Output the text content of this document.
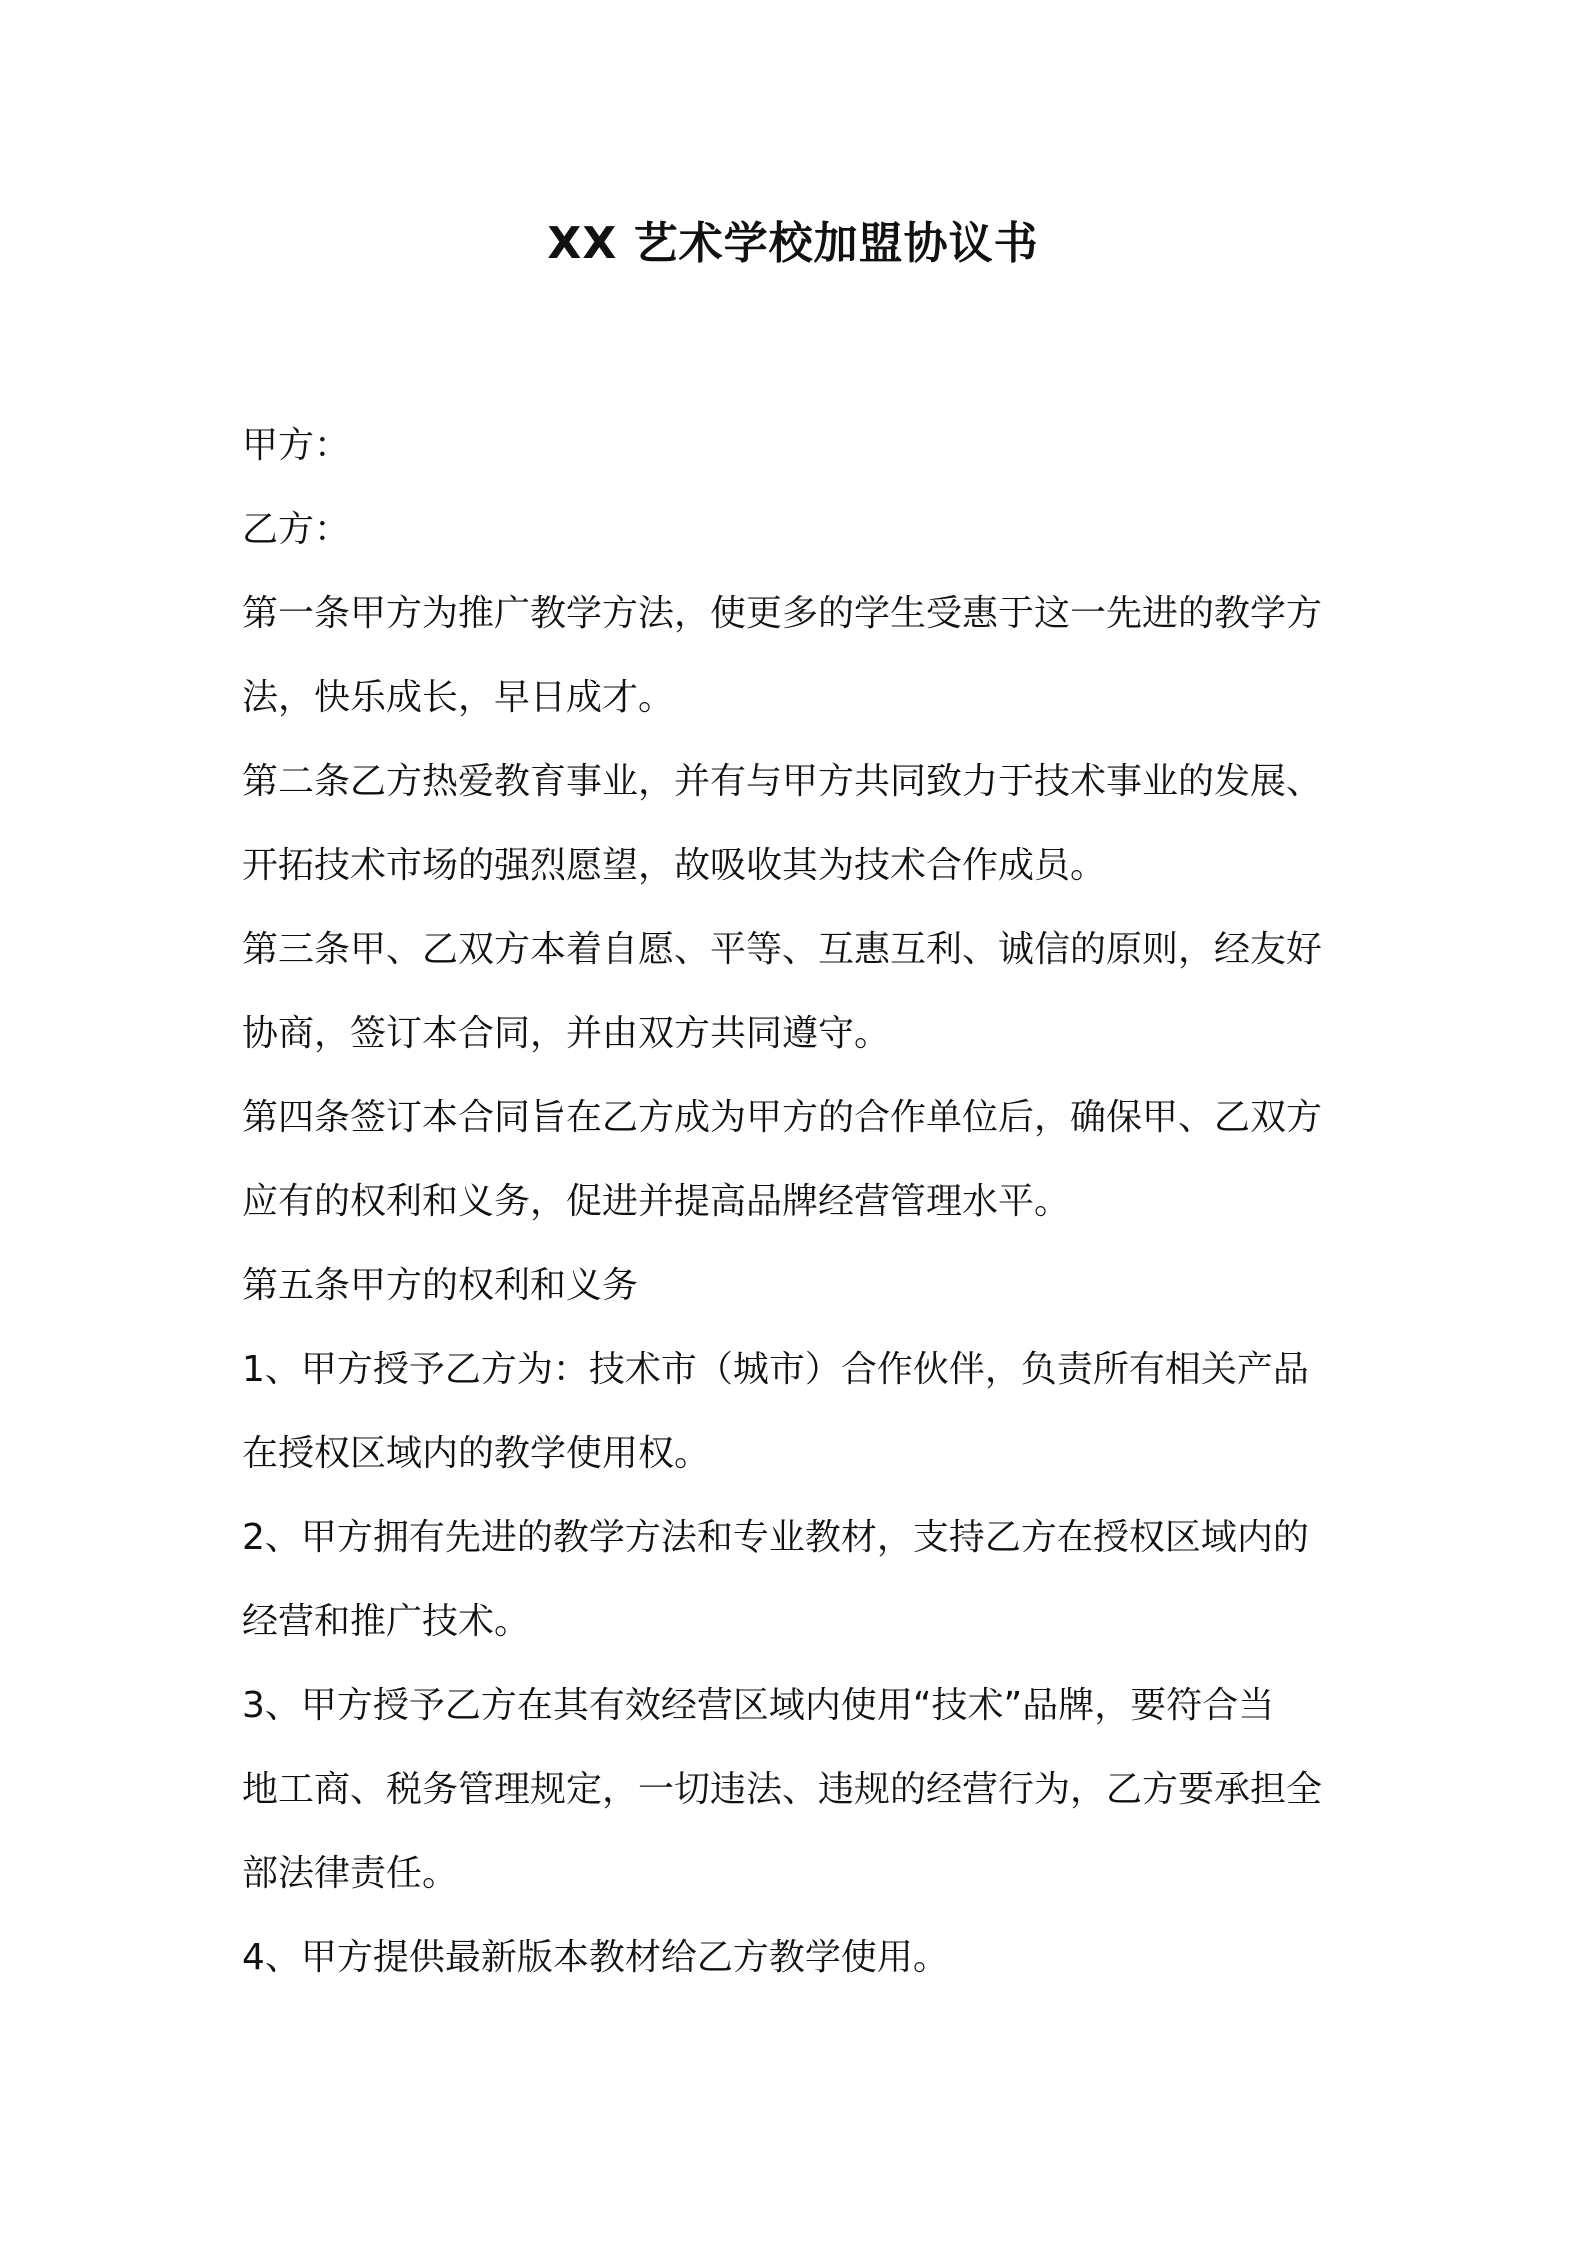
XX 艺术学校加盟协议书
甲方：
乙方：
第一条甲方为推广教学方法，使更多的学生受惠于这一先进的教学方
法，快乐成长，早日成才。
第二条乙方热爱教育事业，并有与甲方共同致力于技术事业的发展、
开拓技术市场的强烈愿望，故吸收其为技术合作成员。
第三条甲、乙双方本着自愿、平等、互惠互利、诚信的原则，经友好
协商，签订本合同，并由双方共同遵守。
第四条签订本合同旨在乙方成为甲方的合作单位后，确保甲、乙双方
应有的权利和义务，促进并提高品牌经营管理水平。
第五条甲方的权利和义务
1、甲方授予乙方为：技术市（城市）合作伙伴，负责所有相关产品
在授权区域内的教学使用权。
2、甲方拥有先进的教学方法和专业教材，支持乙方在授权区域内的
经营和推广技术。
3、甲方授予乙方在其有效经营区域内使用“技术”品牌，要符合当
地工商、税务管理规定，一切违法、违规的经营行为，乙方要承担全
部法律责任。
4、甲方提供最新版本教材给乙方教学使用。
